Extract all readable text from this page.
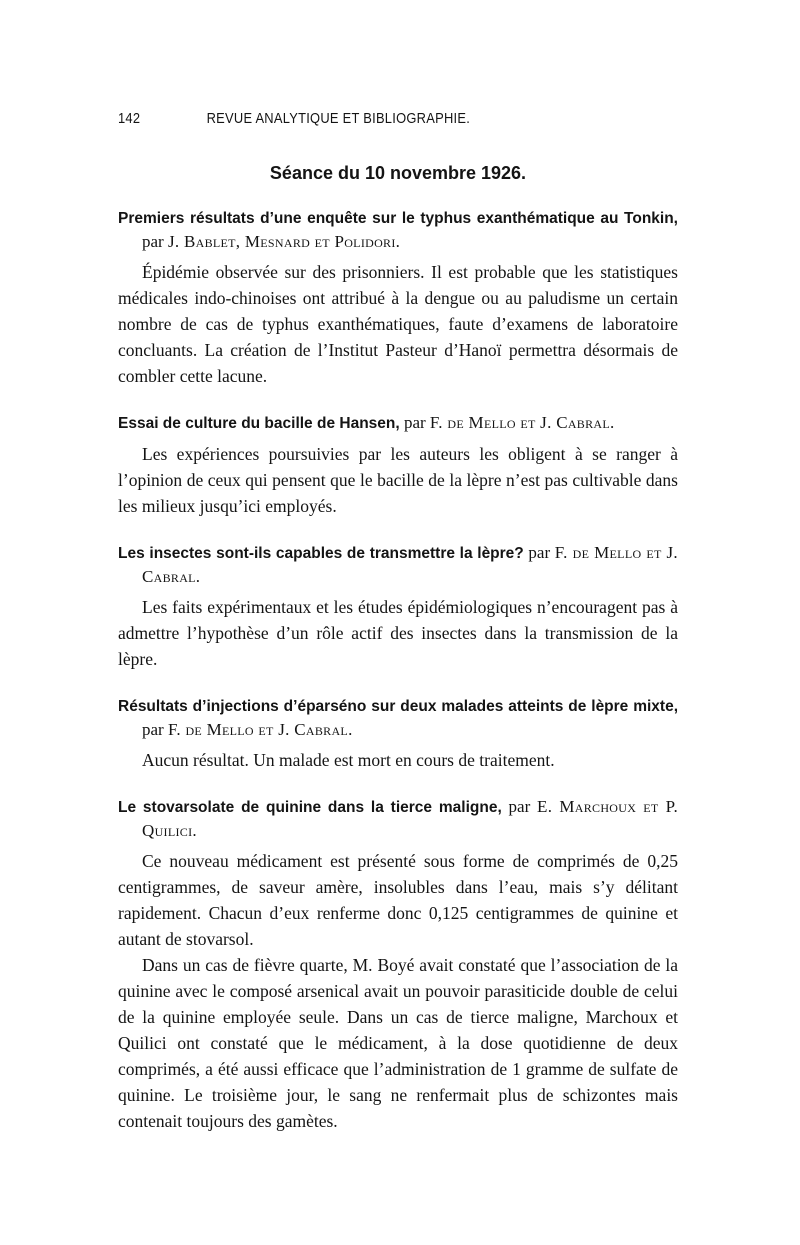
142	REVUE ANALYTIQUE ET BIBLIOGRAPHIE.
Séance du 10 novembre 1926.

Premiers résultats d’une enquête sur le typhus exanthématique au Tonkin, par J. Bablet, Mesnard et Polidori.

Épidémie observée sur des prisonniers. Il est probable que les statistiques médicales indo-chinoises ont attribué à la dengue ou au paludisme un certain nombre de cas de typhus exanthématiques, faute d’examens de laboratoire concluants. La création de l’Institut Pasteur d’Hanoï permettra désormais de combler cette lacune.

Essai de culture du bacille de Hansen, par F. de Mello et J. Cabral.

Les expériences poursuivies par les auteurs les obligent à se ranger à l’opinion de ceux qui pensent que le bacille de la lèpre n’est pas cultivable dans les milieux jusqu’ici employés.

Les insectes sont-ils capables de transmettre la lèpre? par F. de Mello et J. Cabral.

Les faits expérimentaux et les études épidémiologiques n’encouragent pas à admettre l’hypothèse d’un rôle actif des insectes dans la transmission de la lèpre.

Résultats d’injections d’éparséno sur deux malades atteints de lèpre mixte, par F. de Mello et J. Cabral.

Aucun résultat. Un malade est mort en cours de traitement.

Le stovarsolate de quinine dans la tierce maligne, par E. Marchoux et P. Quilici.

Ce nouveau médicament est présenté sous forme de comprimés de 0,25 centigrammes, de saveur amère, insolubles dans l’eau, mais s’y délitant rapidement. Chacun d’eux renferme donc 0,125 centigrammes de quinine et autant de stovarsol.

Dans un cas de fièvre quarte, M. Boyé avait constaté que l’association de la quinine avec le composé arsenical avait un pouvoir parasiticide double de celui de la quinine employée seule. Dans un cas de tierce maligne, Marchoux et Quilici ont constaté que le médicament, à la dose quotidienne de deux comprimés, a été aussi efficace que l’administration de 1 gramme de sulfate de quinine. Le troisième jour, le sang ne renfermait plus de schizontes mais contenait toujours des gamètes.
